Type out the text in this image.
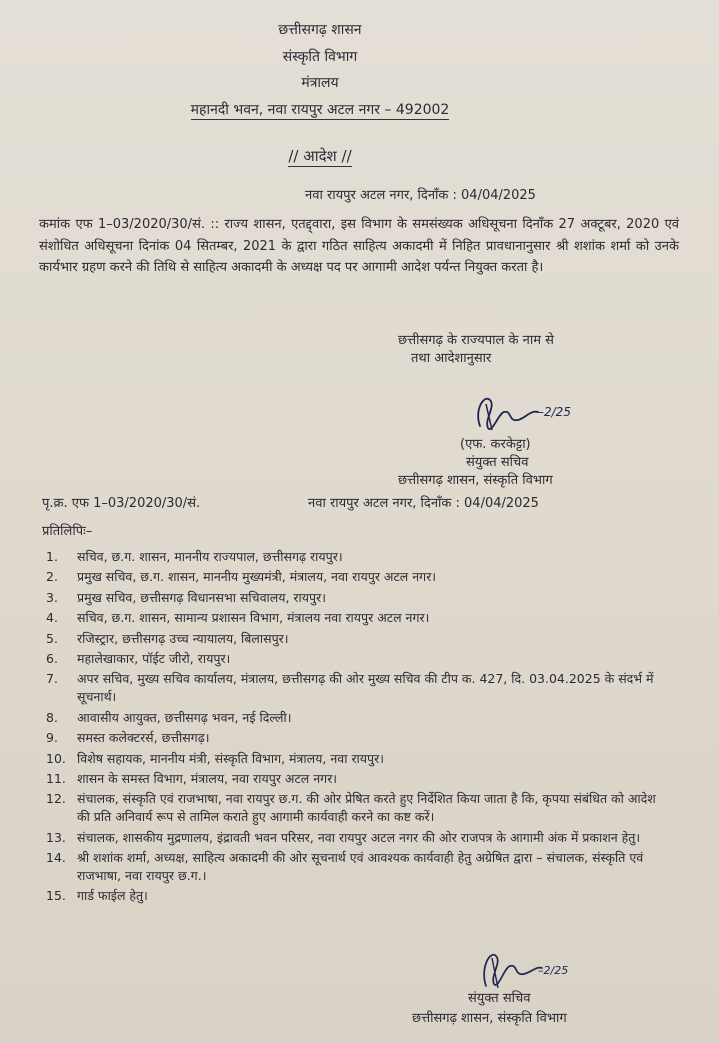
छत्तीसगढ़ शासन
संस्कृति विभाग
मंत्रालय
महानदी भवन, नवा रायपुर अटल नगर – 492002
// आदेश //
नवा रायपुर अटल नगर, दिनाँक : 04/04/2025
कमांक एफ 1–03/2020/30/सं. :: राज्य शासन, एतद्द्वारा, इस विभाग के समसंख्यक अधिसूचना दिनाँक 27 अक्टूबर, 2020 एवं संशोधित अधिसूचना दिनांक 04 सितम्बर, 2021 के द्वारा गठित साहित्य अकादमी में निहित प्रावधानानुसार श्री शशांक शर्मा को उनके कार्यभार ग्रहण करने की तिथि से साहित्य अकादमी के अध्यक्ष पद पर आगामी आदेश पर्यन्त नियुक्त करता है।
छत्तीसगढ़ के राज्यपाल के नाम से
तथा आदेशानुसार
–2/25
(एफ. करकेट्टा)
संयुक्त सचिव
छत्तीसगढ़ शासन, संस्कृति विभाग
पृ.क्र. एफ 1–03/2020/30/सं.	नवा रायपुर अटल नगर, दिनाँक : 04/04/2025
प्रतिलिपिः–
1. सचिव, छ.ग. शासन, माननीय राज्यपाल, छत्तीसगढ़ रायपुर।
2. प्रमुख सचिव, छ.ग. शासन, माननीय मुख्यमंत्री, मंत्रालय, नवा रायपुर अटल नगर।
3. प्रमुख सचिव, छत्तीसगढ़ विधानसभा सचिवालय, रायपुर।
4. सचिव, छ.ग. शासन, सामान्य प्रशासन विभाग, मंत्रालय नवा रायपुर अटल नगर।
5. रजिस्ट्रार, छत्तीसगढ़ उच्च न्यायालय, बिलासपुर।
6. महालेखाकार, पॉईट जीरो, रायपुर।
7. अपर सचिव, मुख्य सचिव कार्यालय, मंत्रालय, छत्तीसगढ़ की ओर मुख्य सचिव की टीप क. 427, दि. 03.04.2025 के संदर्भ में सूचनार्थ।
8. आवासीय आयुक्त, छत्तीसगढ़ भवन, नई दिल्ली।
9. समस्त कलेक्टरर्स, छत्तीसगढ़।
10. विशेष सहायक, माननीय मंत्री, संस्कृति विभाग, मंत्रालय, नवा रायपुर।
11. शासन के समस्त विभाग, मंत्रालय, नवा रायपुर अटल नगर।
12. संचालक, संस्कृति एवं राजभाषा, नवा रायपुर छ.ग. की ओर प्रेषित करते हुए निर्देशित किया जाता है कि, कृपया संबंधित को आदेश की प्रति अनिवार्य रूप से तामिल कराते हुए आगामी कार्यवाही करने का कष्ट करें।
13. संचालक, शासकीय मुद्रणालय, इंद्रावती भवन परिसर, नवा रायपुर अटल नगर की ओर राजपत्र के आगामी अंक में प्रकाशन हेतु।
14. श्री शशांक शर्मा, अध्यक्ष, साहित्य अकादमी की ओर सूचनार्थ एवं आवश्यक कार्यवाही हेतु अग्रेषित द्वारा – संचालक, संस्कृति एवं राजभाषा, नवा रायपुर छ.ग.।
15. गार्ड फाईल हेतु।
–2/25
संयुक्त सचिव
छत्तीसगढ़ शासन, संस्कृति विभाग
